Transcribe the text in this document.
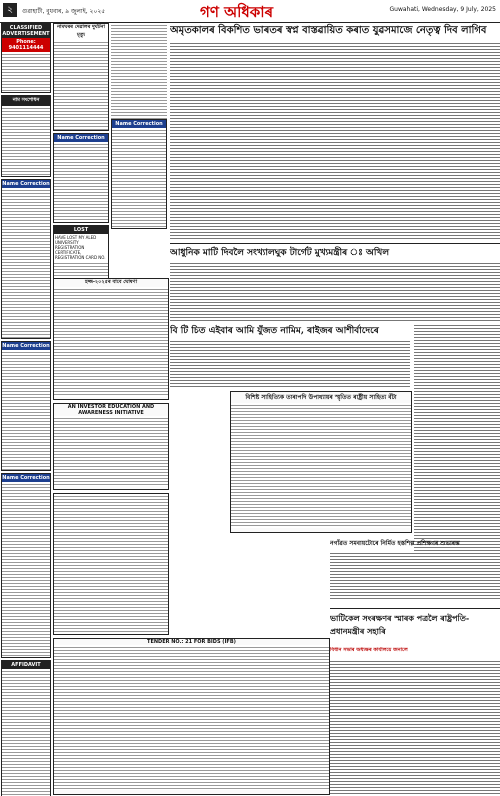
২	গুৱাহাটী, বুধবাৰ, ৯ জুলাই, ২০২৫	গণ অধিকাৰ	Guwahati, Wednesday, 9 July, 2025
CLASSIFIED ADVERTISEMENT
Phone: 9401114444
নাম সংশোধন
Name Correction
Name Correction
Name Correction
AFFIDAVIT
নামঘৰৰ দেৱালৰ দুৰ্ঘটনা মৃত্যু
Name Correction
LOST
HAVE LOST MY ALED UNIVERSITY REGISTRATION CERTIFICATE, REGISTRATION CARD NO.
Name Correction
হজ্জ-২০২৫ৰ বাবে ঘোষণা
AN INVESTOR EDUCATION AND AWARENESS INITIATIVE
TENDER NO.: 21 FOR BIDS (IFB)
অমৃতকালৰ বিকশিত ভাৰতৰ স্বপ্ন বাস্তৱায়িত কৰাত যুৱসমাজে নেতৃত্ব দিব লাগিব
আধুনিক মাটি দিবলৈ সংখ্যালঘুক টাৰ্গেট মুখ্যমন্ত্ৰীৰ ঃ অখিল
বি টি চিত এইবাৰ আমি যুঁজত নামিম, ৰাইজৰ আশীৰ্বাদেৰে
বিশিষ্ট সাহিত্যিক তাৰাপদি উপাধ্যায়ৰ স্মৃতিত ৰাষ্ট্ৰীয় সাহিত্য বঁটা
নগাঁৱত সমবায়টোৰে নির্মিত হস্তশিল্প প্ৰশিক্ষণৰ শুভাৰম্ভ
ভাটিকেল সংৰক্ষণৰ স্মাৰক পত্ৰলৈ ৰাষ্ট্ৰপতি-প্ৰধানমন্ত্ৰীৰ সহাৰি
বিধান সভাৰ অধ্যক্ষৰ কাৰ্যালয়ে জনালে
